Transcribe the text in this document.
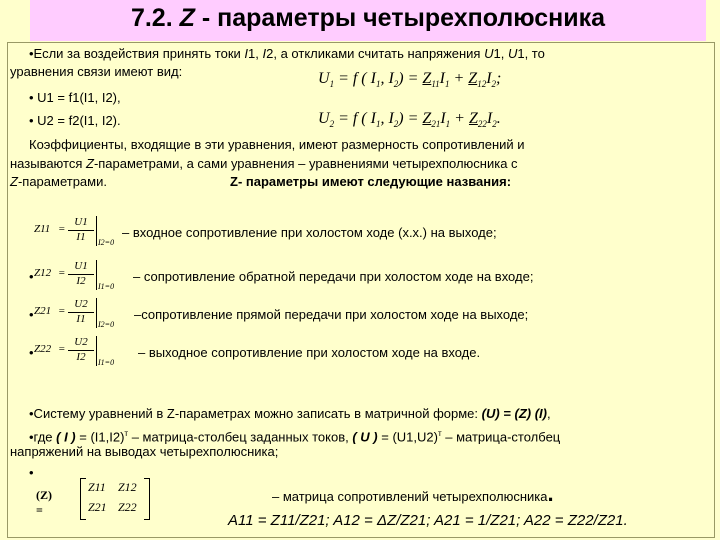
7.2. Z - параметры четырехполюсника
•Если за воздействия принять токи I1, I2, а откликами считать напряжения U1, U1, то
уравнения связи имеют вид:	$U_1 = f$ ( $I_1$, $I_2) = Z_{11}I_1 + Z_{12}I_2$;
$U_2 = f$ ( $I_1$, $I_2) = Z_{21}I_1 + Z_{22}I_2$.
• U1 = f1(I1, I2),
• U2 = f2(I1, I2).
Коэффициенты, входящие в эти уравнения, имеют размерность сопротивлений и
называются Z-параметрами, а сами уравнения – уравнениями четырехполюсника с
Z-параметрами.	Z- параметры имеют следующие названия:
Z11 =
U1
I1	I2=0
– входное сопротивление при холостом ходе (х.х.) на выходе;
• Z12 =
U1
I2	I1=0
– сопротивление обратной передачи при холостом ходе на входе;
• Z21 =
U2
I1	I2=0
–сопротивление прямой передачи при холостом ходе на выходе;
• Z22 =
U2
I2	I1=0
– выходное сопротивление при холостом ходе на входе.
•Систему уравнений в Z-параметрах можно записать в матричной форме: (U) = (Z) (I),
•где ( I ) = $(I1,I2)^т$ – матрица-столбец заданных токов, ( U ) = $(U1,U2)^т$ – матрица-столбец
напряжений на выводах четырехполюсника;
•
(Z) =
Z11 Z12
Z21 Z22
– матрица сопротивлений четырехполюсника.
A11 = Z11/Z21; A12 = ΔZ/Z21; A21 = 1/Z21; A22 = Z22/Z21.
